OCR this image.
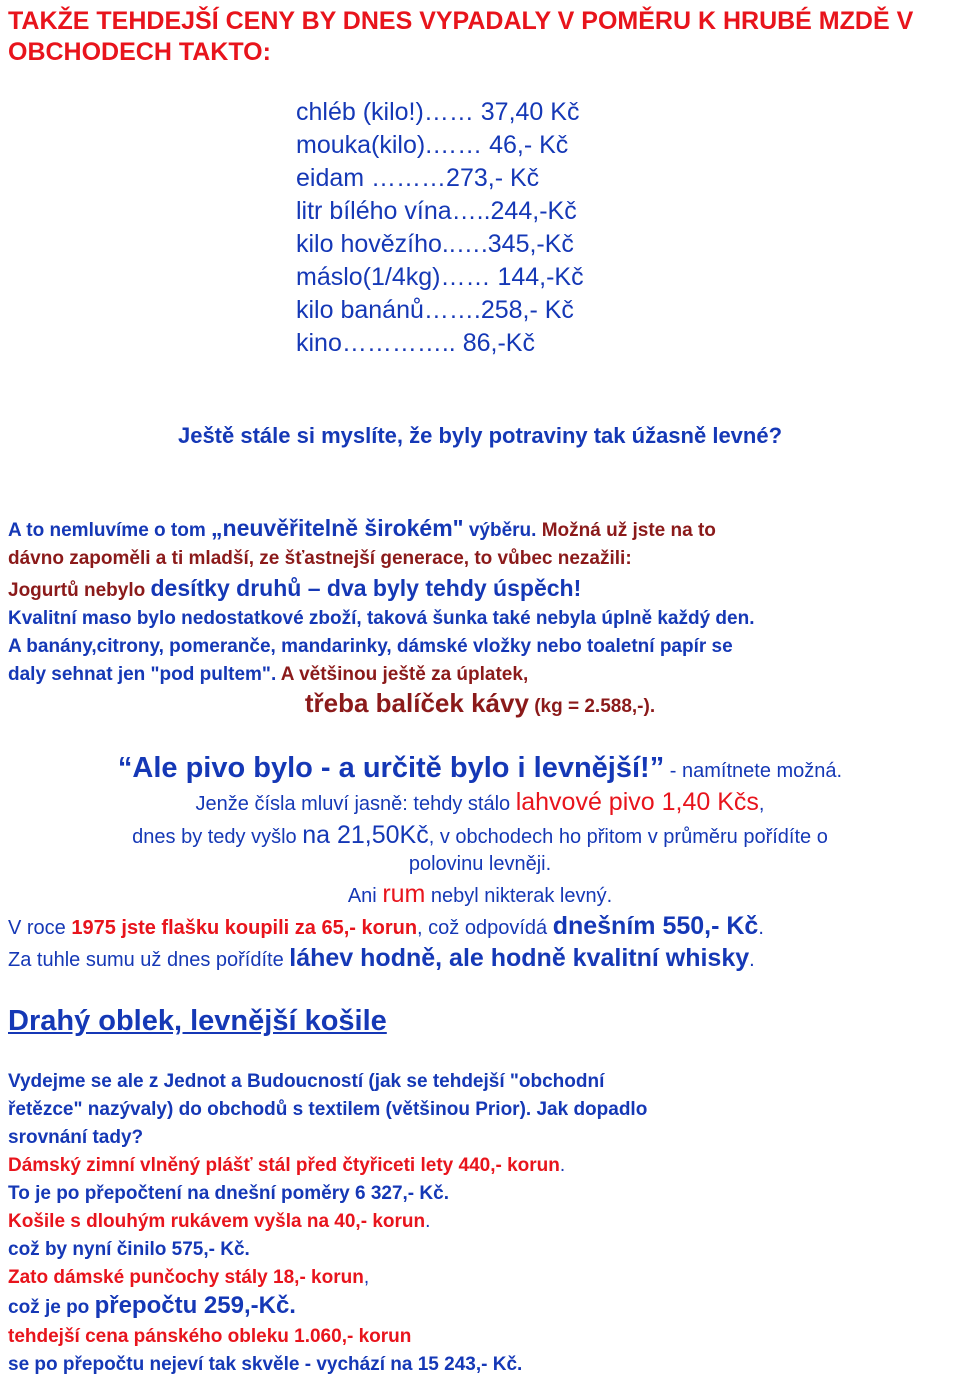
TAKŽE TEHDEJŠÍ CENY BY DNES VYPADALY V POMĚRU K HRUBÉ MZDĚ V OBCHODECH TAKTO:
chléb (kilo!)…… 37,40 Kč
mouka(kilo).…… 46,- Kč
eidam ………273,- Kč
litr bílého vína…..244,-Kč
kilo hovězího..….345,-Kč
máslo(1/4kg)…… 144,-Kč
kilo banánů…….258,- Kč
kino………….. 86,-Kč
Ještě stále si myslíte, že byly potraviny tak úžasně levné?
A to nemluvíme o tom „neuvěřitelně širokém" výběru. Možná už jste na to
dávno zapoměli a ti mladší, ze šťastnejší generace, to vůbec nezažili:
Jogurtů nebylo desítky druhů – dva byly tehdy úspěch!
Kvalitní maso bylo nedostatkové zboží, taková šunka také nebyla úplně každý den.
A banány,citrony, pomeranče, mandarinky, dámské vložky nebo toaletní papír se
daly sehnat jen "pod pultem". A většinou ještě za úplatek,
třeba balíček kávy (kg = 2.588,-).
“Ale pivo bylo - a určitě bylo i levnější!” - namítnete možná.
Jenže čísla mluví jasně: tehdy stálo lahvové pivo 1,40 Kčs,
dnes by tedy vyšlo na 21,50Kč, v obchodech ho přitom v průměru pořídíte o
polovinu levněji.
Ani rum nebyl nikterak levný.
V roce 1975 jste flašku koupili za 65,- korun, což odpovídá dnešním 550,- Kč.
Za tuhle sumu už dnes pořídíte láhev hodně, ale hodně kvalitní whisky.
Drahý oblek, levnější košile
Vydejme se ale z Jednot a Budoucností (jak se tehdejší "obchodní
řetězce" nazývaly) do obchodů s textilem (většinou Prior). Jak dopadlo
srovnání tady?
Dámský zimní vlněný plášť stál před čtyřiceti lety 440,- korun.
To je po přepočtení na dnešní poměry 6 327,- Kč.
Košile s dlouhým rukávem vyšla na 40,- korun.
což by nyní činilo 575,- Kč.
Zato dámské punčochy stály 18,- korun,
což je po přepočtu 259,-Kč.
tehdejší cena pánského obleku 1.060,- korun
se po přepočtu nejeví tak skvěle - vychází na 15 243,- Kč.
